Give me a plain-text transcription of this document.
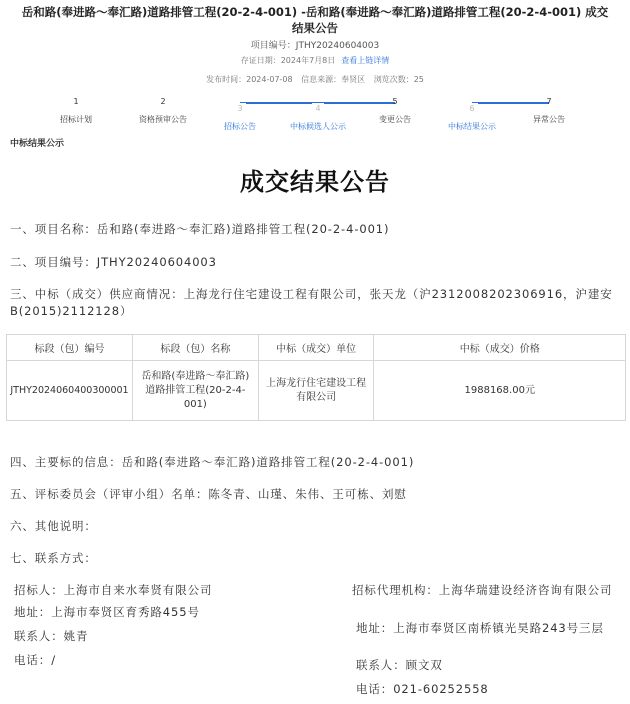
岳和路(奉进路～奉汇路)道路排管工程(20-2-4-001) -岳和路(奉进路～奉汇路)道路排管工程(20-2-4-001) 成交结果公告
项目编号：JTHY20240604003
存证日期：2024年7月8日 查看上链详情
发布时间：2024-07-08 信息来源：奉贤区 浏览次数：25
1
招标计划
2
资格预审公告
3
招标公告
4
中标候选人公示
5
变更公告
6
中标结果公示
7
异常公告
中标结果公示
成交结果公告
一、项目名称：岳和路(奉进路～奉汇路)道路排管工程(20-2-4-001)
二、项目编号：JTHY20240604003
三、中标（成交）供应商情况：上海龙行住宅建设工程有限公司，张天龙（沪2312008202306916，沪建安B(2015)2112128）
标段（包）编号	标段（包）名称	中标（成交）单位	中标（成交）价格
JTHY2024060400300001	岳和路(奉进路～奉汇路)道路排管工程(20-2-4-001)	上海龙行住宅建设工程有限公司	1988168.00元
四、主要标的信息：岳和路(奉进路～奉汇路)道路排管工程(20-2-4-001)
五、评标委员会（评审小组）名单：陈冬青、山瑾、朱伟、王可栋、刘慰
六、其他说明：
七、联系方式：
招标人：上海市自来水奉贤有限公司
地址：上海市奉贤区育秀路455号
联系人：姚青
电话：/
招标代理机构：上海华瑞建设经济咨询有限公司
地址：上海市奉贤区南桥镇光昊路243号三层
联系人：顾文双
电话：021-60252558
